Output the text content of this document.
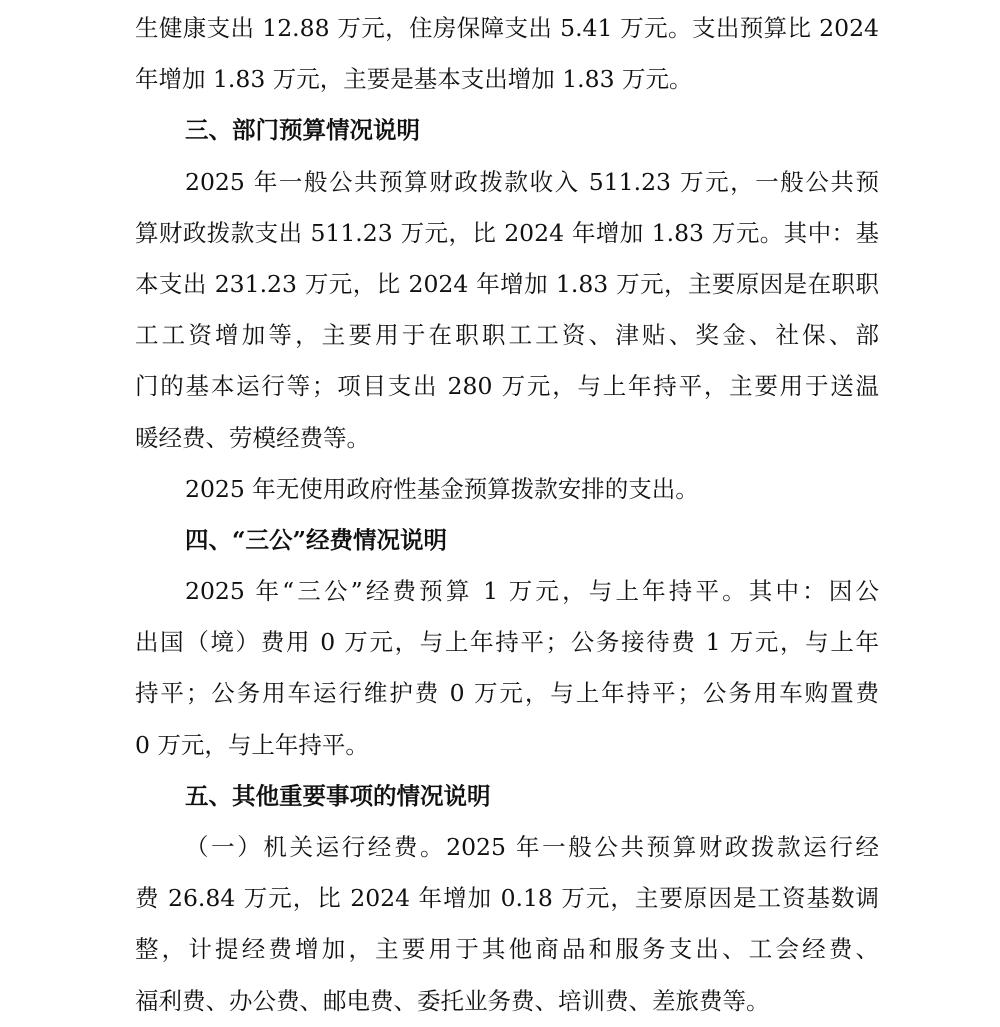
生健康支出 12.88 万元，住房保障支出 5.41 万元。支出预算比 2024
年增加 1.83 万元，主要是基本支出增加 1.83 万元。
三、部门预算情况说明
2025 年一般公共预算财政拨款收入 511.23 万元，一般公共预
算财政拨款支出 511.23 万元，比 2024 年增加 1.83 万元。其中：基
本支出 231.23 万元，比 2024 年增加 1.83 万元，主要原因是在职职
工工资增加等，主要用于在职职工工资、津贴、奖金、社保、部
门的基本运行等；项目支出 280 万元，与上年持平，主要用于送温
暖经费、劳模经费等。
2025 年无使用政府性基金预算拨款安排的支出。
四、“三公”经费情况说明
2025 年“三公”经费预算 1 万元，与上年持平。其中：因公
出国（境）费用 0 万元，与上年持平；公务接待费 1 万元，与上年
持平；公务用车运行维护费 0 万元，与上年持平；公务用车购置费
0 万元，与上年持平。
五、其他重要事项的情况说明
（一）机关运行经费。2025 年一般公共预算财政拨款运行经
费 26.84 万元，比 2024 年增加 0.18 万元，主要原因是工资基数调
整，计提经费增加，主要用于其他商品和服务支出、工会经费、
福利费、办公费、邮电费、委托业务费、培训费、差旅费等。
